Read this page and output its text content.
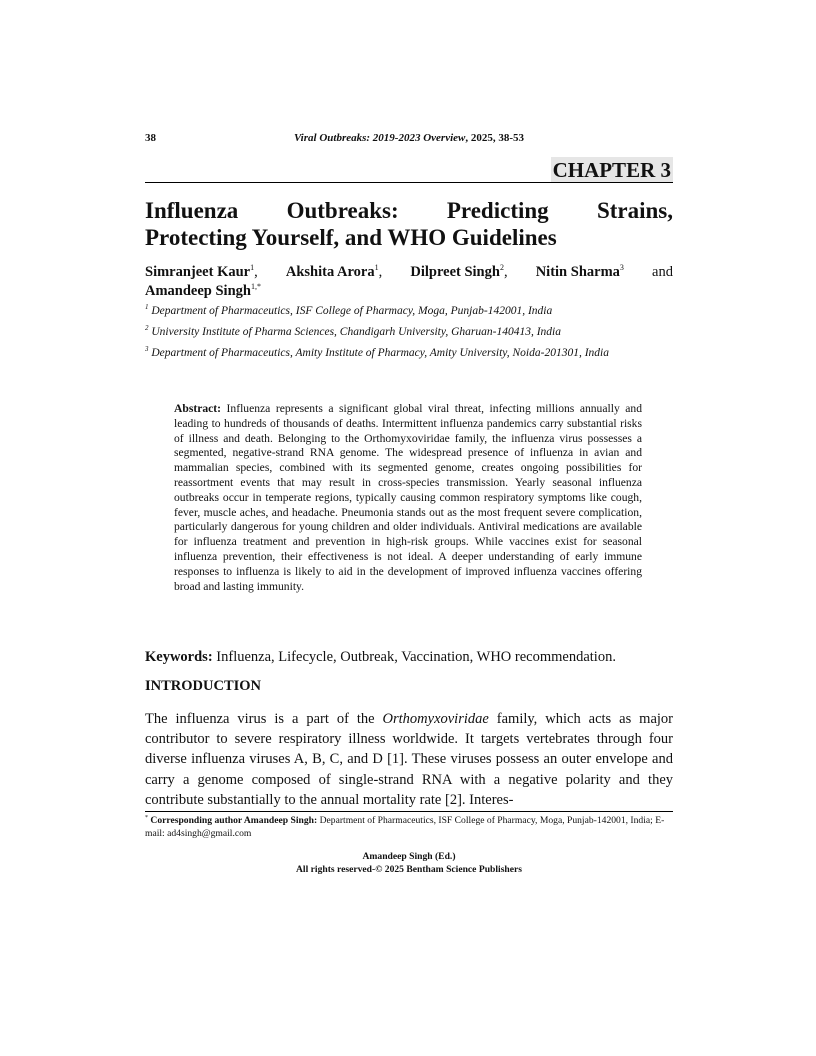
38	Viral Outbreaks: 2019-2023 Overview, 2025, 38-53
CHAPTER 3
Influenza Outbreaks: Predicting Strains,
Protecting Yourself, and WHO Guidelines
Simranjeet Kaur$^1$, Akshita Arora$^1$, Dilpreet Singh$^2$, Nitin Sharma$^3$ and
Amandeep Singh$^{1,*}$
$^1$ Department of Pharmaceutics, ISF College of Pharmacy, Moga, Punjab-142001, India
$^2$ University Institute of Pharma Sciences, Chandigarh University, Gharuan-140413, India
$^3$ Department of Pharmaceutics, Amity Institute of Pharmacy, Amity University, Noida-201301, India
Abstract: Influenza represents a significant global viral threat, infecting millions annually and leading to hundreds of thousands of deaths. Intermittent influenza pandemics carry substantial risks of illness and death. Belonging to the Orthomyxoviridae family, the influenza virus possesses a segmented, negative-strand RNA genome. The widespread presence of influenza in avian and mammalian species, combined with its segmented genome, creates ongoing possibilities for reassortment events that may result in cross-species transmission. Yearly seasonal influenza outbreaks occur in temperate regions, typically causing common respiratory symptoms like cough, fever, muscle aches, and headache. Pneumonia stands out as the most frequent severe complication, particularly dangerous for young children and older individuals. Antiviral medications are available for influenza treatment and prevention in high-risk groups. While vaccines exist for seasonal influenza prevention, their effectiveness is not ideal. A deeper understanding of early immune responses to influenza is likely to aid in the development of improved influenza vaccines offering broad and lasting immunity.
Keywords: Influenza, Lifecycle, Outbreak, Vaccination, WHO recommendation.
INTRODUCTION

The influenza virus is a part of the Orthomyxoviridae family, which acts as major contributor to severe respiratory illness worldwide. It targets vertebrates through four diverse influenza viruses A, B, C, and D [1]. These viruses possess an outer envelope and carry a genome composed of single-strand RNA with a negative polarity and they contribute substantially to the annual mortality rate [2]. Interes-

* Corresponding author Amandeep Singh: Department of Pharmaceutics, ISF College of Pharmacy, Moga, Punjab-142001, India; E-mail: ad4singh@gmail.com
Amandeep Singh (Ed.)
All rights reserved-© 2025 Bentham Science Publishers
